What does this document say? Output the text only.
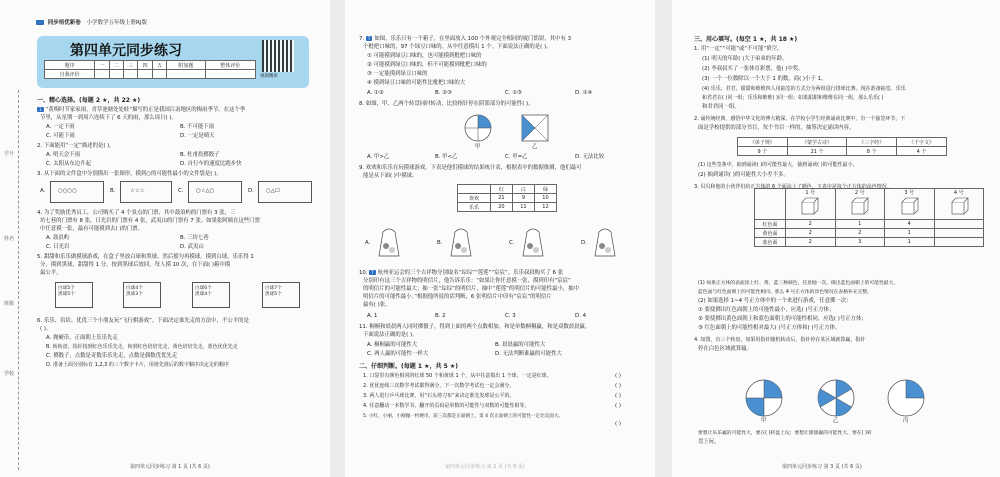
一 同步培优新卷 小学数学五年级上册RJ版
第四单元同步练习
视频精讲
题序	一	二	三	四	五	附加题	整体评价
自我评价							
学号
姓名
班级
学校
一、精心选择。(每题 2 ★，共 22 ★)
1 “黄梅时节家家雨，青草池塘处处蛙”描写的正是我国江南地区的梅雨季节。在这个季
节里，从星期一到周六连续下了 6 天的雨，那么周日( )。
A. 一定下雨	B. 不可能下雨
C. 可能下雨	D. 一定是晴天
2. 下面能用“一定”描述的是( )。
A. 明天会下雨	B. 杜甫投掷骰子
C. 太阳从东边升起	D. 自行车的速度比跑步快
3. 从下面的文件盒中分别摸出一张图形，摸到○的可能性最小的文件袋是( )。
A. ○○○○	B.	☆☆☆	C. ○☆△○	D. ○△☐
4. 为了奖励优秀员工，公司购买了 4 个景点的门票，其中鼓浪屿的门票有 3 张，三
坊七巷的门票有 8 张，日光岩的门票有 4 张，武夷山的门票有 7 张。如果张阿姨在这些门票
中任意摸一张，最有可能摸到去( )的门票。
A. 鼓浪屿	B. 三坊七巷
C. 日光岩	D. 武夷山
5. 甜甜和乐乐做摸球游戏，在盒子里放白球和黑球，然后摇匀再摸球。摸到白球，乐乐得 1
分，摸到黑球，甜甜得 1 分，按到黑球后放回，每人摸 10 次，在下面( )箱中摸
最公平。
白球5个
黑球5个
白球4个
黑球3个
白球6个
黑球4个
白球7个
黑球5个
6. 乐乐、培培、优优三个小朋友玩“飞行棋游戏”。下面决定谁先走的方法中，不公平的是
( )。
A. 抛硬币，正面朝上乐乐先走
B. 转转盘，指针指到红色乐乐先走，转到红色培培先走，黄色培培先走，蓝色优优先走
C. 掷骰子，点数是奇数乐乐先走，点数是偶数优优先走
D. 准备上面分别标有 1,2,3 的三个数字卡片，用谁先谁后的数字顺序决定走的顺序
第四单元同步练习 第 1 页 (共 6 页)
7. T 如图，乐乐只有一个箱子，在里面放入 100 个外观完全相同的厦门馅饼，其中有 3
个枇杷口味的，97 个绿豆口味的。从中任意摸出 1 个。下面说法正确的是( )。
① 可能摸到绿豆口味的，也可能摸到枇杷口味的
② 可能摸到绿豆口味的，但不可能摸到枇杷口味的
③ 一定能摸到绿豆口味的
④ 摸到绿豆口味的可能性比枇杷口味的大
A. ①②	B. ②③	C. ①③	D. ①④
8. 如图，甲、乙两个转盘同时转动，比较指针停在阴影部分的可能性( )。
甲	乙
A. 甲>乙	B. 甲<乙	C. 甲=乙	D. 无法比较
9. 欢欢和乐乐在玩摸球游戏，下表是他们摸球的结果统计表，根据表中的数据推测，他们最可
能是从下面( )中摸球。
	红	白	绿
欢欢	21	9	10
乐乐	20	11	12
A.	B.	C.	D.
10. T 杭州亚运会的三个吉祥物分别取名“琮琮”“莲莲”“宸宸”。乐乐叔叔购买了 6 张
分别印有这三个吉祥物的明信片，他告诉乐乐：“如果让你任意摸一张，摸到印有“宸宸”
的明信片的可能性最大；抽一张“琮琮”的明信片，抽中“莲莲”的明信片的可能性最小，抽中
明信片的可能性最小。”根据他所说的话判断，6 张明信片中印有“宸宸”的明信片
最有( )张。
A. 1	B. 2	C. 3	D. 4
11. 桐桐和晨晨两人同时掷骰子，得到上面的两个点数相加，和是单数桐桐赢，和是双数晨晨赢。
下面说法正确的是( )。
A. 桐桐赢的可能性大	B. 晨晨赢的可能性大
C. 两人赢的可能性一样大	D. 无法判断谁赢的可能性大
二、仔细判断。(每题 1 ★，共 5 ★)
1. 口袋里有颜色相同的红球 50 个和黄球 1 个，从中任意摸出 1 个球，一定是红球。
2. 优优连续三次数学考试都得满分，下一次数学考试也一定会满分。
3. 两人进行乒乓球比赛，用“石头剪刀布”来决定谁先发球是公平的。
4. 任意翻动一本数学书，翻开的页码是单数的可能性与双数的可能性相等。
5. 小红、小丽、小刚抛一枚硬币，前三次都是正面朝上，第 4 次正面朝上的可能性一定比反面大。
( )
( )
( )
( )
( )
第四单元同步练习 第 2 页 (共 6 页)
三、用心填写。(每空 1 ★，共 18 ★)
1. 用“一定”“可能”或“不可能”填空。
(1) 明天的年龄( )大于弟弟的年龄。
(2) 李叔叔买了一张体育彩票，他( )中奖。
(3) 一个一位数除以一个大于 1 的数，商( )小于 1。
(4) 乐乐、君君、甜甜和维维四人用抽签的方式分为两组进行排球比赛。现在准备抽签，乐乐
和君君在( )同一组；乐乐和维维( )同一组；如果甜甜和维维在同一组，那么乐乐( )
和君君同一组。
2. 诵传统经典，感悟中华文化的博大精深。在学校小学生经典诵读比赛中，有一个抽签环节，下
面是学校提供的部分书目，每个书目一样的，抽签决定诵读内容。
《弟子规》	《蒙学古诗》	《三字经》	《千字文》
9 个	21 个	8 个	4 个
(1) 这些签条中，抽到诵读( )的可能性最大，抽到诵读( )的可能性最小。
(2) 抽到诵读( )的可能性大小差不多。
3. 贝贝和他的小伙伴们给正方体的 6 个面涂上了颜色，下表中是每个正方体的涂色情况。
	1 号	2 号	3 号	4 号
红色面	2	1	4	
黄色面	2	2	1	
蓝色面	2	3	1	
(1) 如果正方体的表面涂上红、黄、蓝三种颜色，任意抛一次，掷出蓝色面朝上的可能性最大，
蓝色面与红色面朝上的可能性相同。那么 4 号正方体的涂色情况在表格补充完整。
(2) 如果选择 1~4 号正方体中的一个来进行游戏，任意掷一次：
① 要使掷出红色面朝上的可能性最小，应选( )号正方体；
② 要使掷出黄色面朝上和蓝色面朝上的可能性相同，应选( )号正方体；
③ 红色面朝上的可能性相对最大( )号正方体和( )号正方体。
4. 如图，有三个转盘，如果用指针随机转动后，指针停在某区域就算赢，指针
停在白色区域就算输。
甲	乙	丙
要想让乐乐赢的可能性大，要在( )转盘上玩；要想让甜甜赢的可能性大，要在( )转
盘上玩。
第四单元同步练习 第 3 页 (共 6 页)
